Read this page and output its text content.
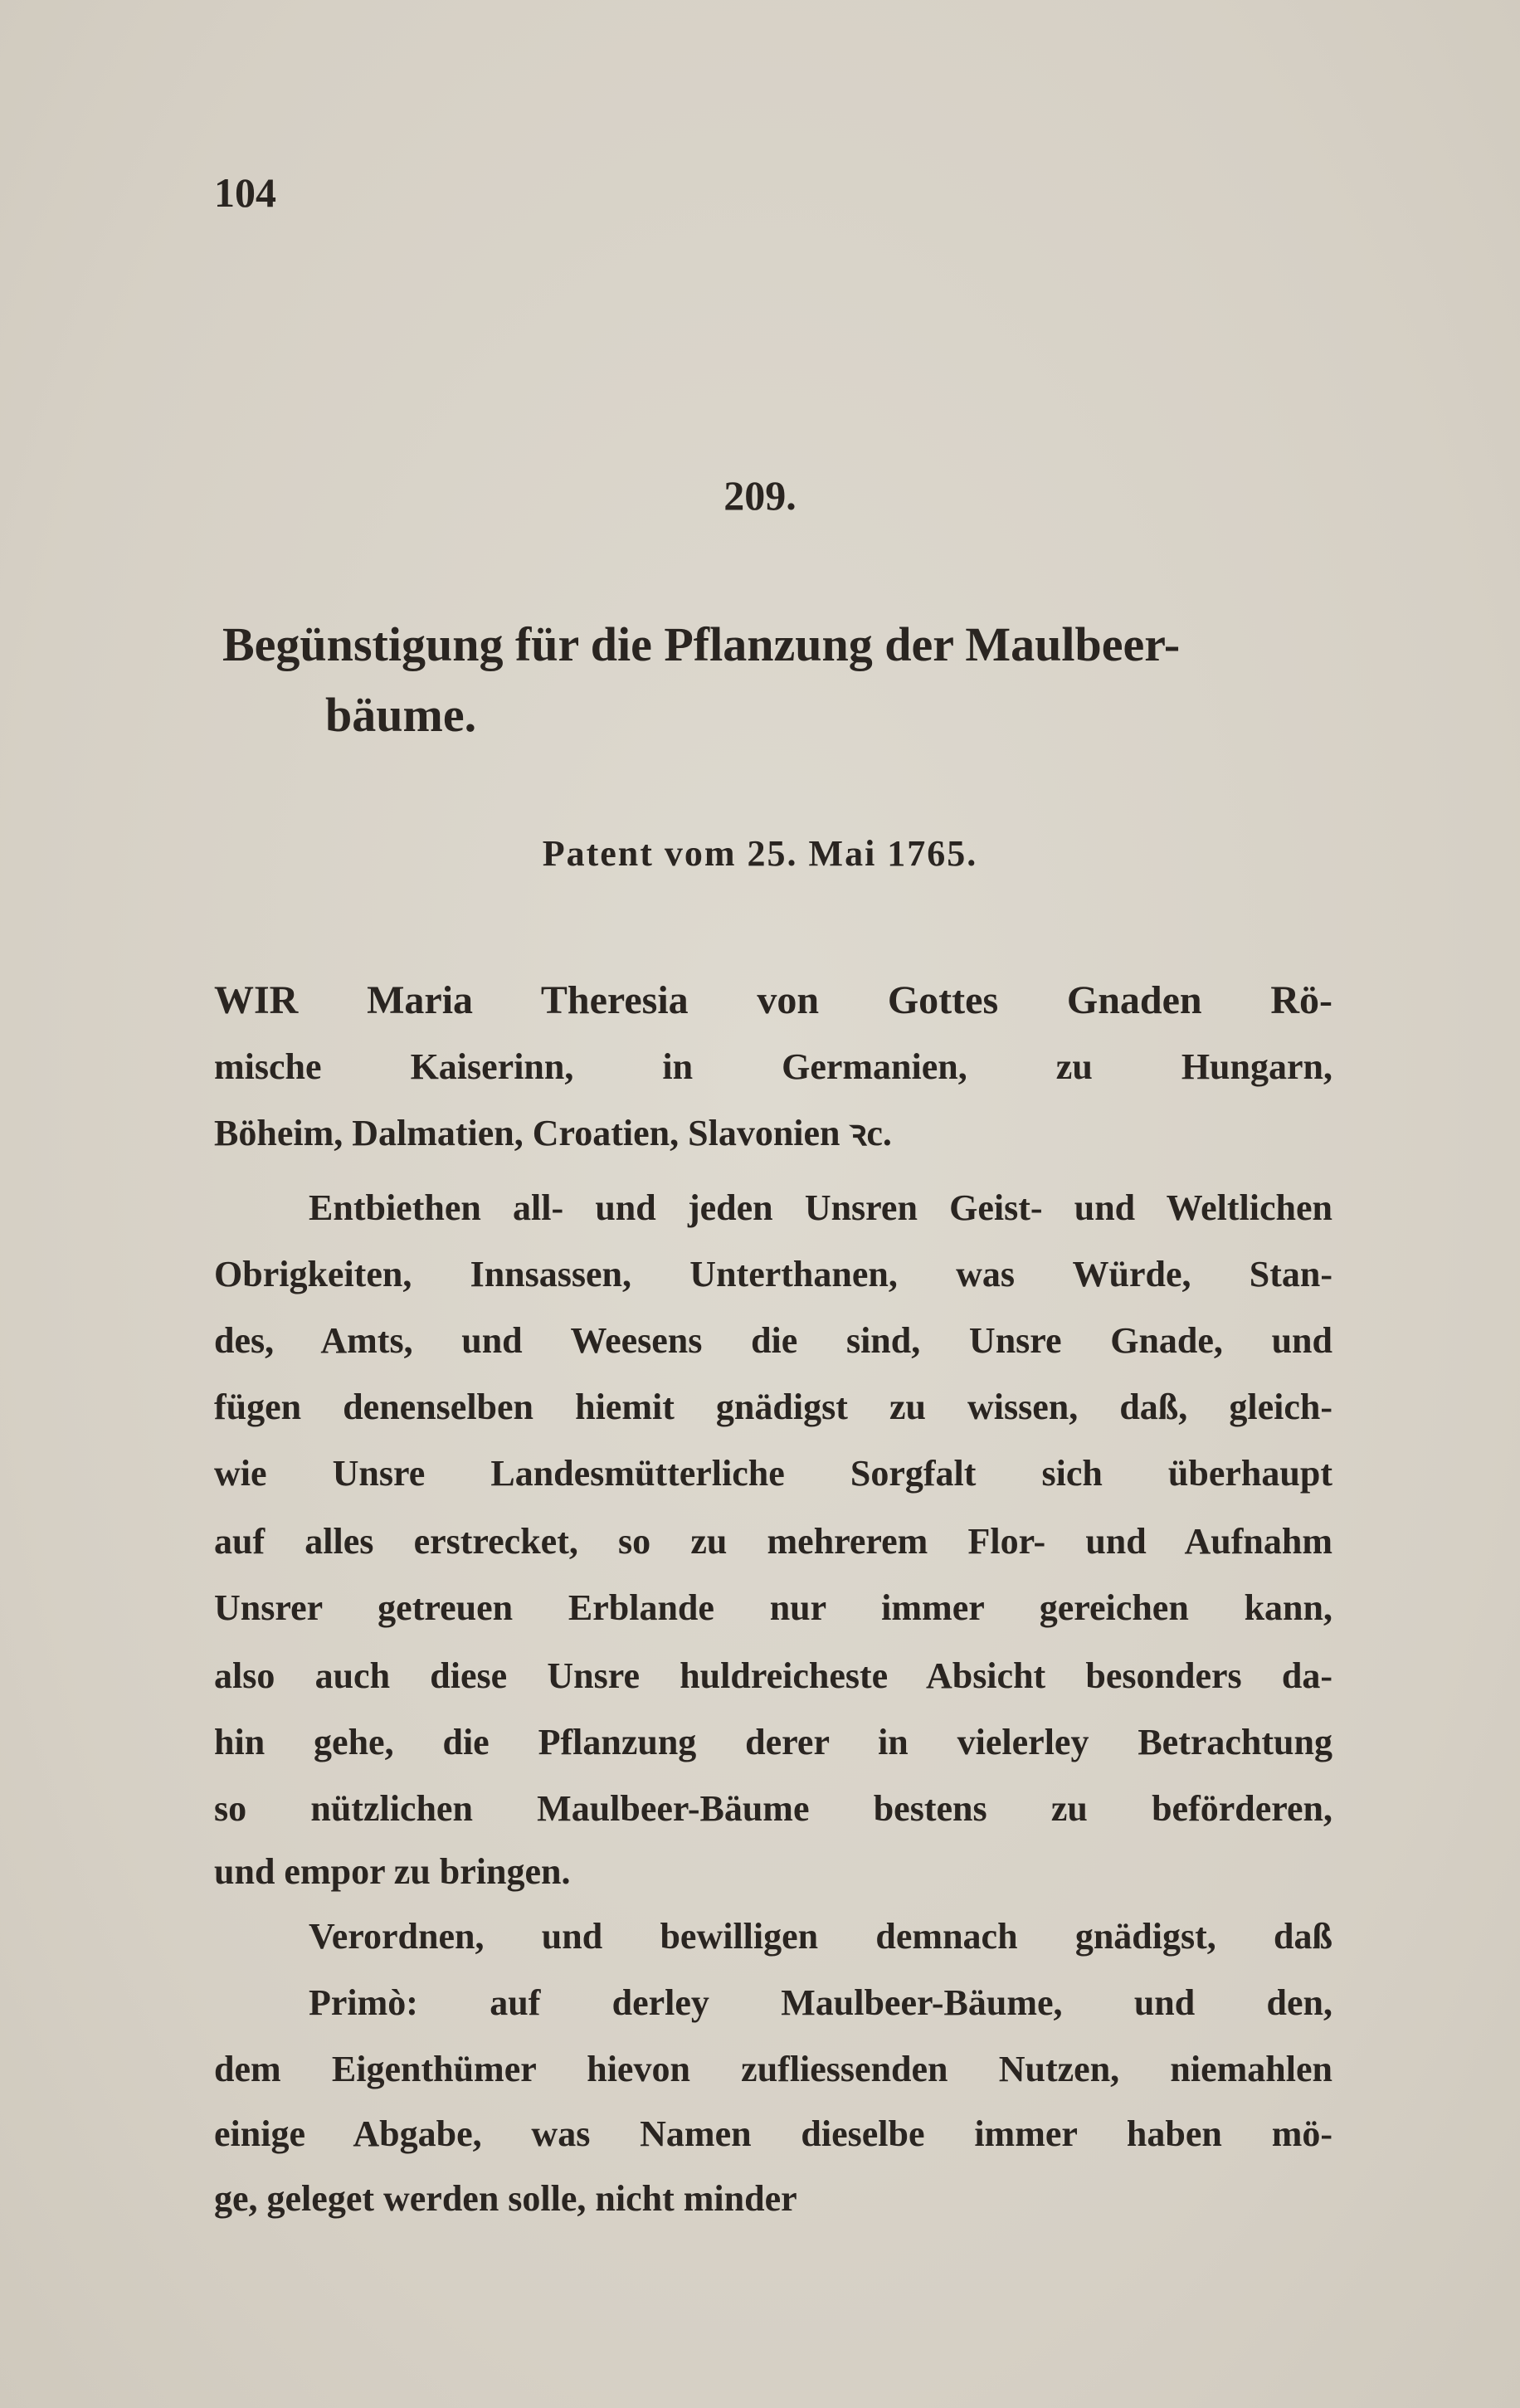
104
209.
Begünstigung für die Pflanzung der Maulbeer-
bäume.
Patent vom 25. Mai 1765.
WIR Maria Theresia von Gottes Gnaden Rö-
mische Kaiserinn, in Germanien, zu Hungarn,
Böheim, Dalmatien, Croatien, Slavonien ꝛc.
Entbiethen all- und jeden Unsren Geist- und Weltlichen
Obrigkeiten, Innsassen, Unterthanen, was Würde, Stan-
des, Amts, und Weesens die sind, Unsre Gnade, und
fügen denenselben hiemit gnädigst zu wissen, daß, gleich-
wie Unsre Landesmütterliche Sorgfalt sich überhaupt
auf alles erstrecket, so zu mehrerem Flor- und Aufnahm
Unsrer getreuen Erblande nur immer gereichen kann,
also auch diese Unsre huldreicheste Absicht besonders da-
hin gehe, die Pflanzung derer in vielerley Betrachtung
so nützlichen Maulbeer-Bäume bestens zu beförderen,
und empor zu bringen.
Verordnen, und bewilligen demnach gnädigst, daß
Primò: auf derley Maulbeer-Bäume, und den,
dem Eigenthümer hievon zufliessenden Nutzen, niemahlen
einige Abgabe, was Namen dieselbe immer haben mö-
ge, geleget werden solle, nicht minder
